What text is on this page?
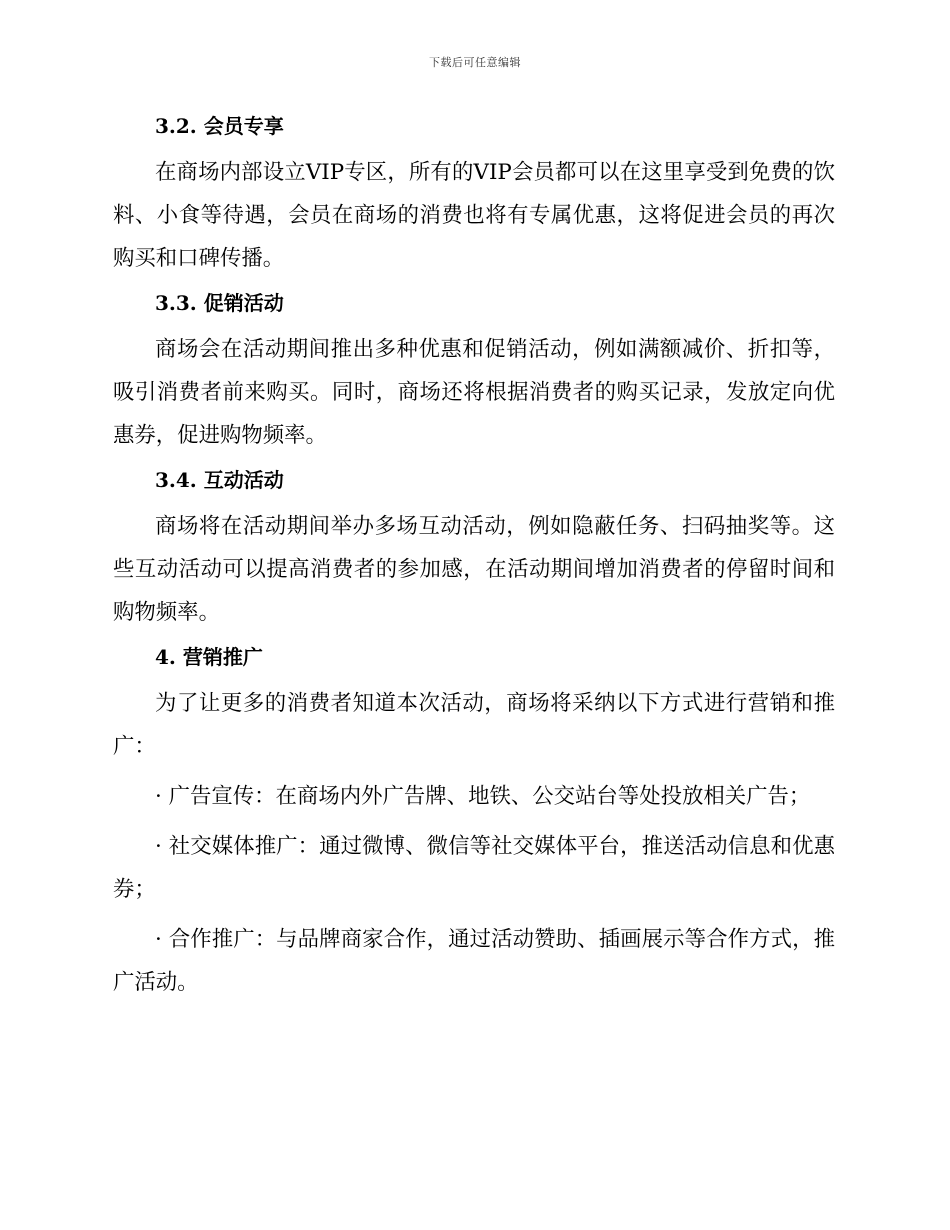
下载后可任意编辑
3.2. 会员专享
在商场内部设立VIP专区，所有的VIP会员都可以在这里享受到免费的饮料、小食等待遇，会员在商场的消费也将有专属优惠，这将促进会员的再次购买和口碑传播。
3.3. 促销活动
商场会在活动期间推出多种优惠和促销活动，例如满额减价、折扣等，吸引消费者前来购买。同时，商场还将根据消费者的购买记录，发放定向优惠券，促进购物频率。
3.4. 互动活动
商场将在活动期间举办多场互动活动，例如隐蔽任务、扫码抽奖等。这些互动活动可以提高消费者的参加感，在活动期间增加消费者的停留时间和购物频率。
4. 营销推广
为了让更多的消费者知道本次活动，商场将采纳以下方式进行营销和推广：
· 广告宣传：在商场内外广告牌、地铁、公交站台等处投放相关广告；
· 社交媒体推广：通过微博、微信等社交媒体平台，推送活动信息和优惠券；
· 合作推广：与品牌商家合作，通过活动赞助、插画展示等合作方式，推广活动。
